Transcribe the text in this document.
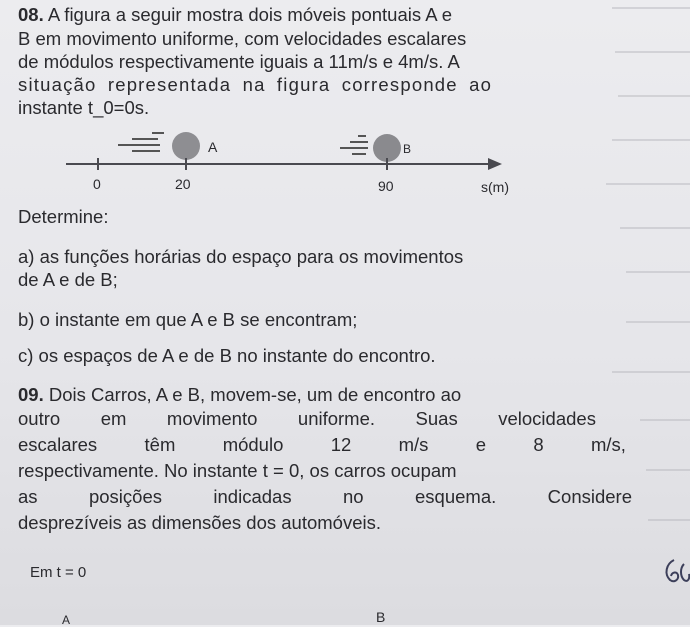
08. A figura a seguir mostra dois móveis pontuais A e
B em movimento uniforme, com velocidades escalares
de módulos respectivamente iguais a 11m/s e 4m/s. A
situação representada na figura corresponde ao
instante t_0=0s.
A	B
0	20	90	s(m)
Determine:
a) as funções horárias do espaço para os movimentos
de A e de B;
b) o instante em que A e B se encontram;
c) os espaços de A e de B no instante do encontro.
09. Dois Carros, A e B, movem-se, um de encontro ao
outro em movimento uniforme. Suas velocidades
escalares	têm	módulo	12	m/s	e	8	m/s,
respectivamente. No instante t = 0, os carros ocupam
as	posições	indicadas	no	esquema.	Considere
desprezíveis as dimensões dos automóveis.
Em t = 0
A	B
